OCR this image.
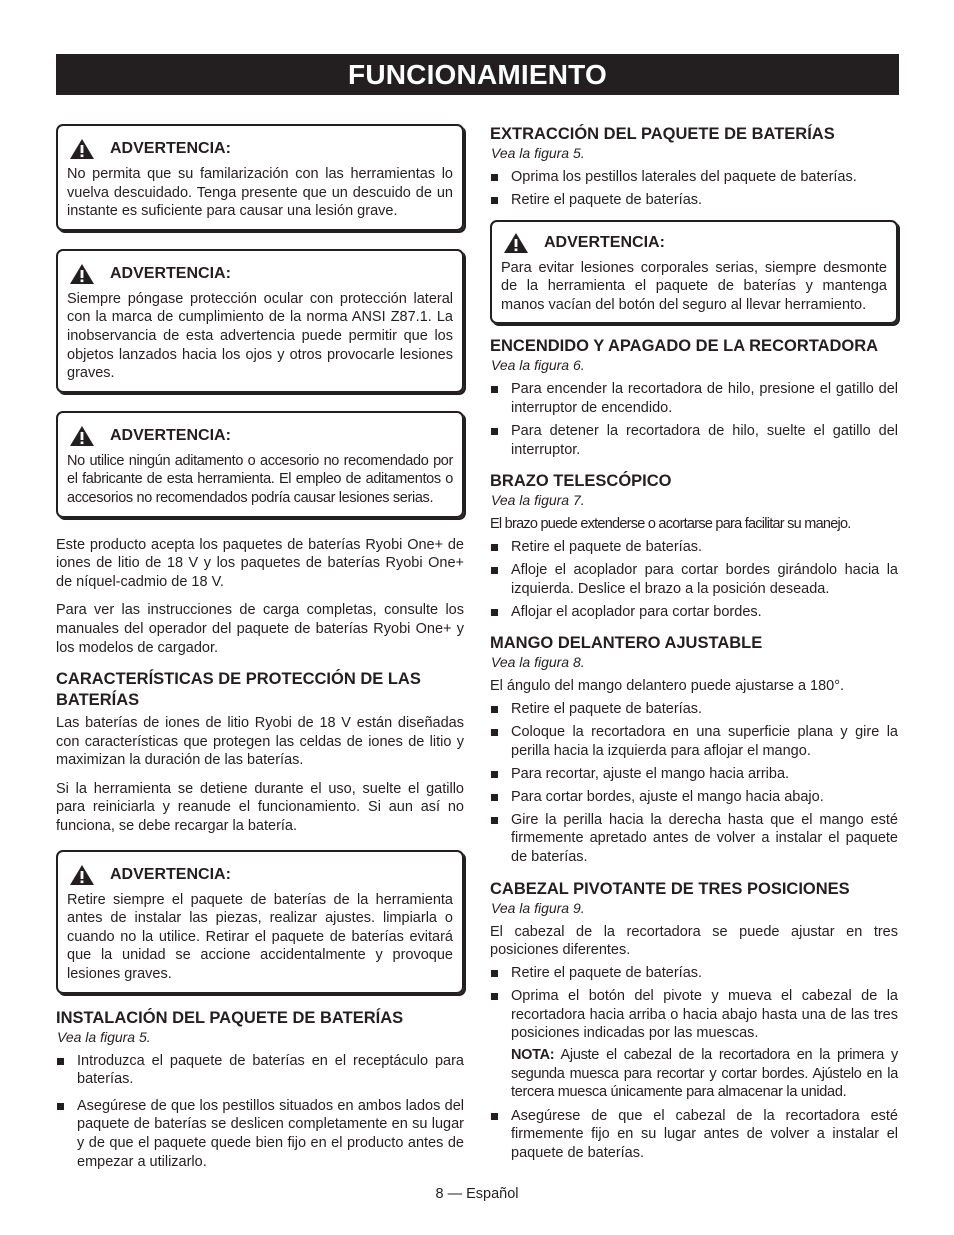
FUNCIONAMIENTO
ADVERTENCIA:

No permita que su familarización con las herramientas lo vuelva descuidado. Tenga presente que un descuido de un instante es suficiente para causar una lesión grave.

ADVERTENCIA:

Siempre póngase protección ocular con protección lateral con la marca de cumplimiento de la norma ANSI Z87.1. La inobservancia de esta advertencia puede permitir que los objetos lanzados hacia los ojos y otros provocarle lesiones graves.

ADVERTENCIA:

No utilice ningún aditamento o accesorio no recomendado por el fabricante de esta herramienta. El empleo de aditamentos o accesorios no recomendados podría causar lesiones serias.

Este producto acepta los paquetes de baterías Ryobi One+ de iones de litio de 18 V y los paquetes de baterías Ryobi One+ de níquel-cadmio de 18 V.

Para ver las instrucciones de carga completas, consulte los manuales del operador del paquete de baterías Ryobi One+ y los modelos de cargador.

CARACTERÍSTICAS DE PROTECCIÓN DE LAS BATERÍAS

Las baterías de iones de litio Ryobi de 18 V están diseñadas con características que protegen las celdas de iones de litio y maximizan la duración de las baterías.

Si la herramienta se detiene durante el uso, suelte el gatillo para reiniciarla y reanude el funcionamiento. Si aun así no funciona, se debe recargar la batería.

ADVERTENCIA:

Retire siempre el paquete de baterías de la herramienta antes de instalar las piezas, realizar ajustes. limpiarla o cuando no la utilice. Retirar el paquete de baterías evitará que la unidad se accione accidentalmente y provoque lesiones graves.

INSTALACIÓN DEL PAQUETE DE BATERÍAS
Vea la figura 5.
Introduzca el paquete de baterías en el receptáculo para baterías.
Asegúrese de que los pestillos situados en ambos lados del paquete de baterías se deslicen completamente en su lugar y de que el paquete quede bien fijo en el producto antes de empezar a utilizarlo.
EXTRACCIÓN DEL PAQUETE DE BATERÍAS
Vea la figura 5.
Oprima los pestillos laterales del paquete de baterías.
Retire el paquete de baterías.
ADVERTENCIA:

Para evitar lesiones corporales serias, siempre desmonte de la herramienta el paquete de baterías y mantenga manos vacían del botón del seguro al llevar herramiento.

ENCENDIDO Y APAGADO DE LA RECORTADORA
Vea la figura 6.
Para encender la recortadora de hilo, presione el gatillo del interruptor de encendido.
Para detener la recortadora de hilo, suelte el gatillo del interruptor.
BRAZO TELESCÓPICO
Vea la figura 7.

El brazo puede extenderse o acortarse para facilitar su manejo.

Retire el paquete de baterías.
Afloje el acoplador para cortar bordes girándolo hacia la izquierda. Deslice el brazo a la posición deseada.
Aflojar el acoplador para cortar bordes.
MANGO DELANTERO AJUSTABLE
Vea la figura 8.

El ángulo del mango delantero puede ajustarse a 180°.

Retire el paquete de baterías.
Coloque la recortadora en una superficie plana y gire la perilla hacia la izquierda para aflojar el mango.
Para recortar, ajuste el mango hacia arriba.
Para cortar bordes, ajuste el mango hacia abajo.
Gire la perilla hacia la derecha hasta que el mango esté firmemente apretado antes de volver a instalar el paquete de baterías.
CABEZAL PIVOTANTE DE TRES POSICIONES
Vea la figura 9.

El cabezal de la recortadora se puede ajustar en tres posiciones diferentes.

Retire el paquete de baterías.
Oprima el botón del pivote y mueva el cabezal de la recortadora hacia arriba o hacia abajo hasta una de las tres posiciones indicadas por las muescas.
NOTA: Ajuste el cabezal de la recortadora en la primera y segunda muesca para recortar y cortar bordes. Ajústelo en la tercera muesca únicamente para almacenar la unidad.
Asegúrese de que el cabezal de la recortadora esté firmemente fijo en su lugar antes de volver a instalar el paquete de baterías.
8 — Español
